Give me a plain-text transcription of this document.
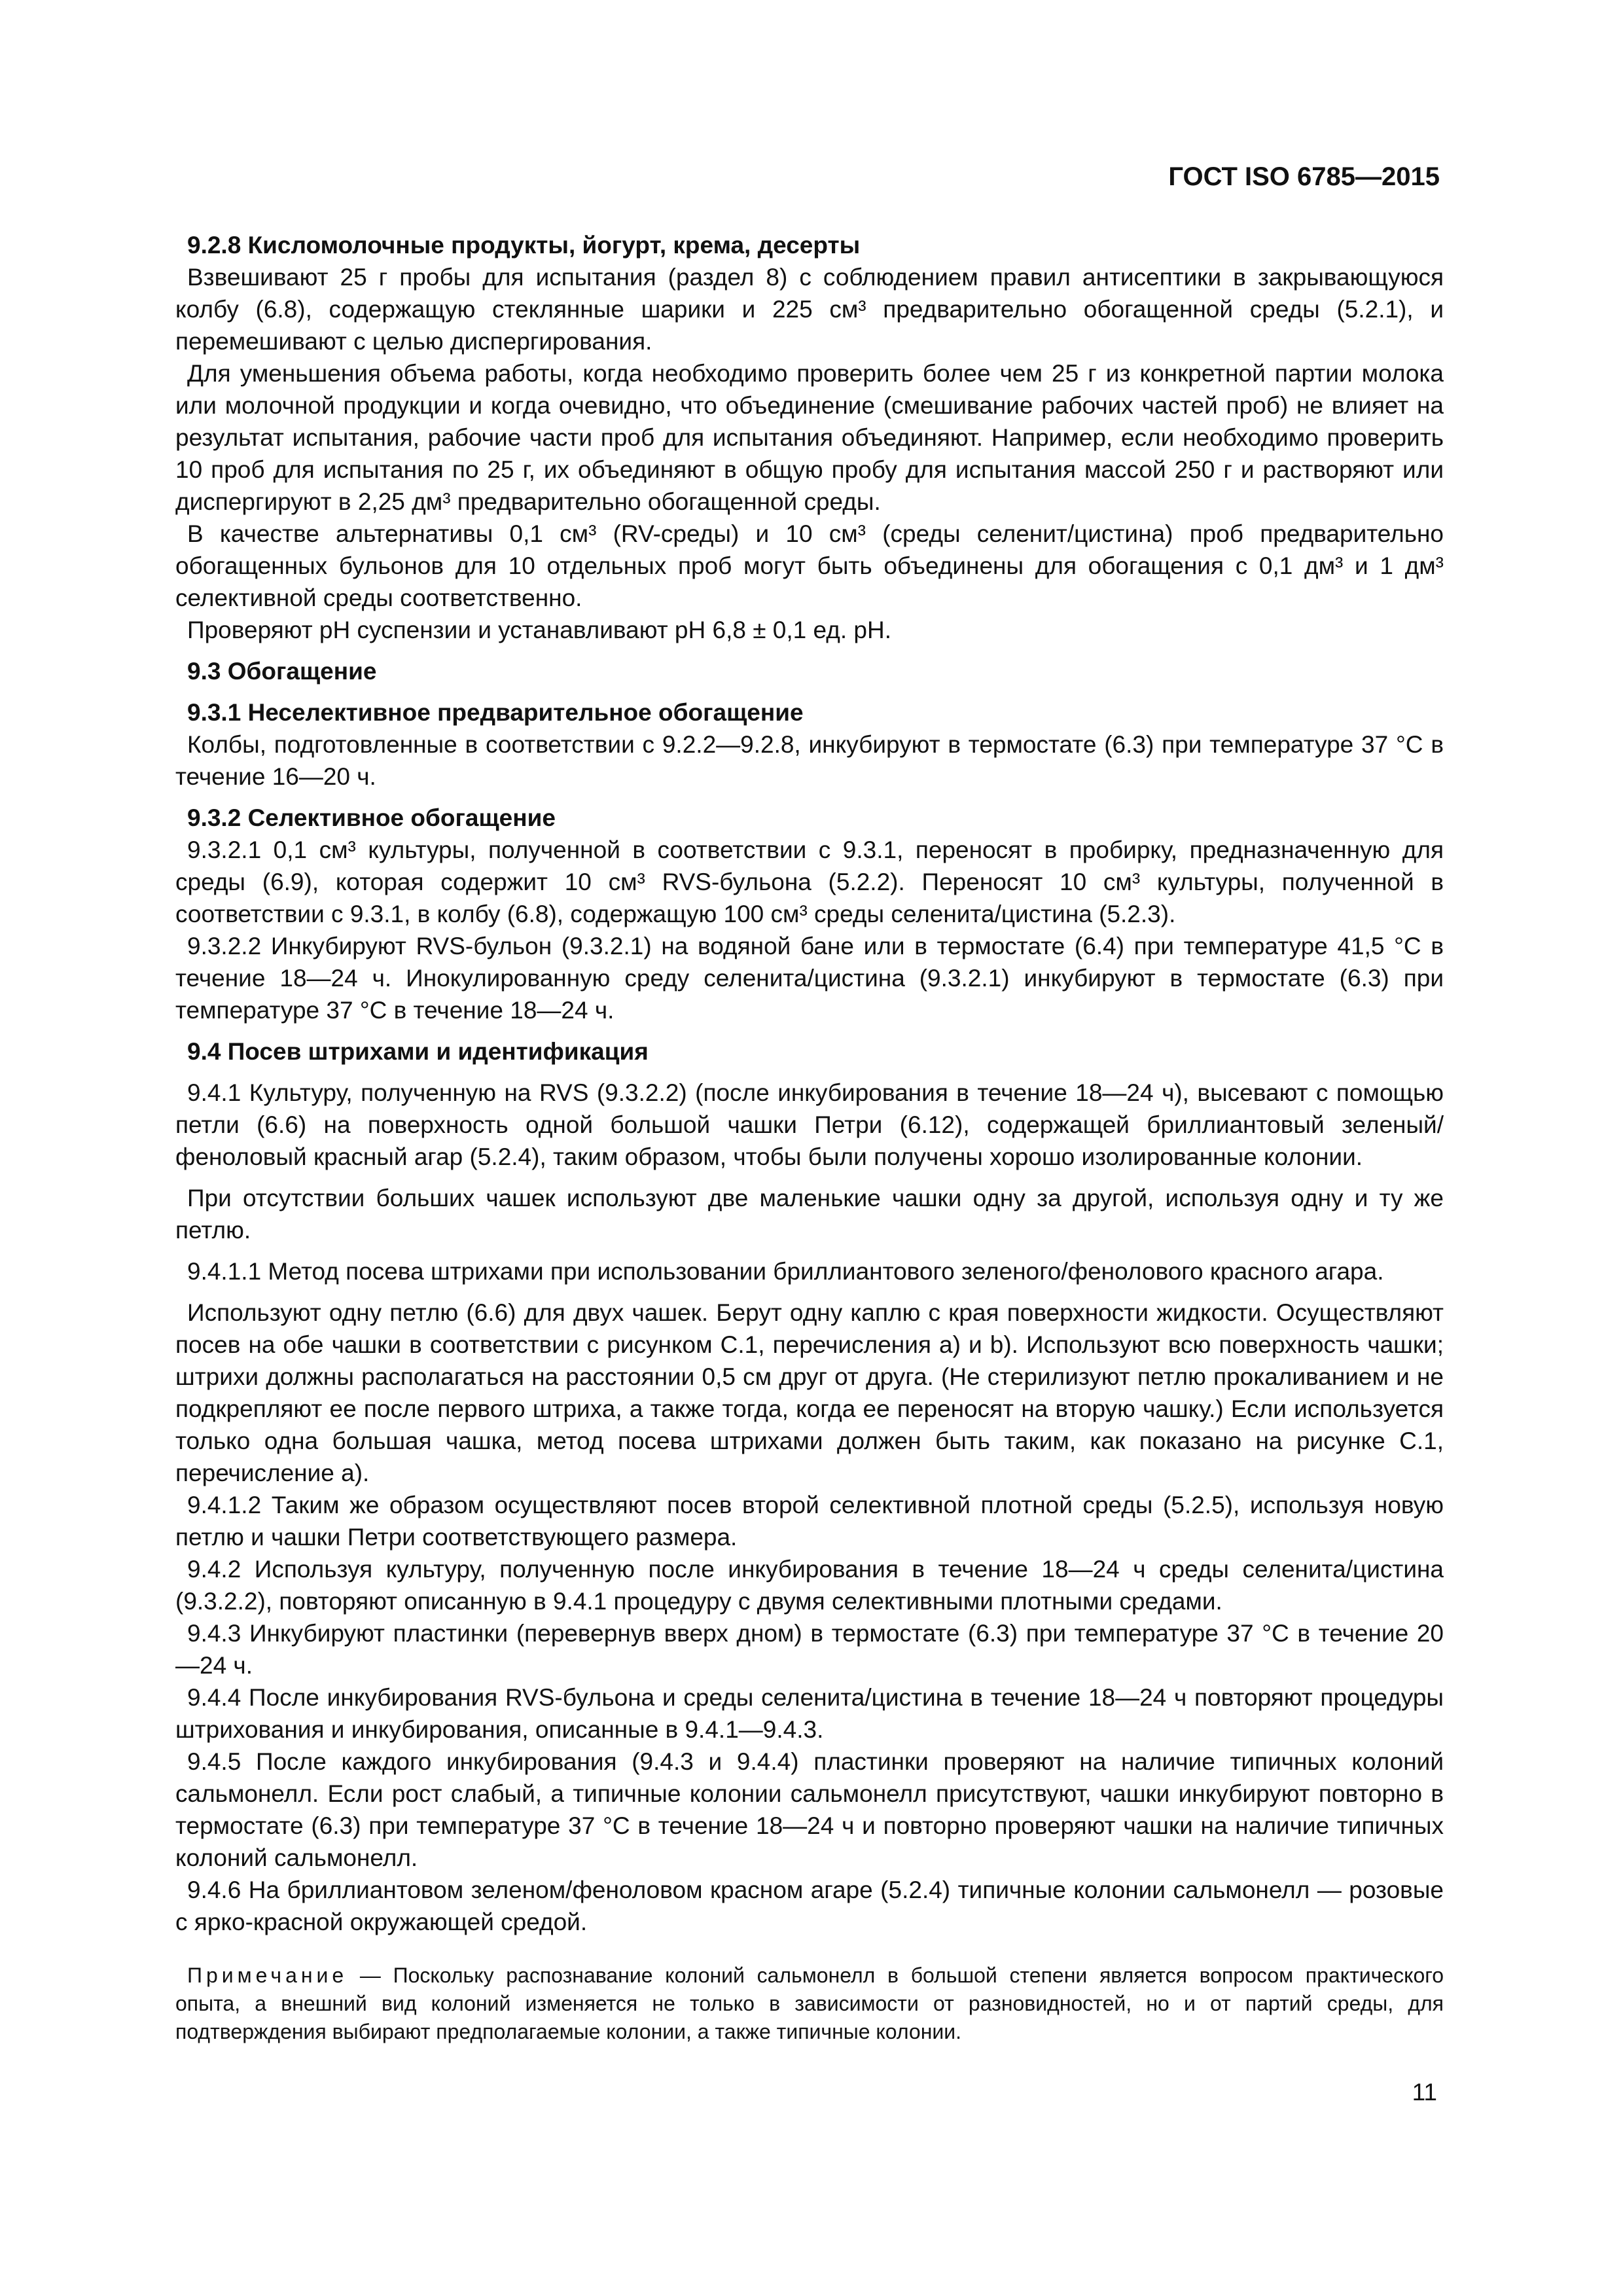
ГОСТ ISO 6785—2015

9.2.8 Кисломолочные продукты, йогурт, крема, десерты

Взвешивают 25 г пробы для испытания (раздел 8) с соблюдением правил антисептики в закрывающуюся колбу (6.8), содержащую стеклянные шарики и 225 см³ предварительно обогащенной среды (5.2.1), и перемешивают с целью диспергирования.

Для уменьшения объема работы, когда необходимо проверить более чем 25 г из конкретной партии молока или молочной продукции и когда очевидно, что объединение (смешивание рабочих частей проб) не влияет на результат испытания, рабочие части проб для испытания объединяют. Например, если необходимо проверить 10 проб для испытания по 25 г, их объединяют в общую пробу для испытания массой 250 г и растворяют или диспергируют в 2,25 дм³ предварительно обогащенной среды.

В качестве альтернативы 0,1 см³ (RV-среды) и 10 см³ (среды селенит/цистина) проб предварительно обогащенных бульонов для 10 отдельных проб могут быть объединены для обогащения с 0,1 дм³ и 1 дм³ селективной среды соответственно.

Проверяют pH суспензии и устанавливают pH 6,8 ± 0,1 ед. pH.

9.3 Обогащение

9.3.1 Неселективное предварительное обогащение

Колбы, подготовленные в соответствии с 9.2.2—9.2.8, инкубируют в термостате (6.3) при температуре 37 °С в течение 16—20 ч.

9.3.2 Селективное обогащение

9.3.2.1 0,1 см³ культуры, полученной в соответствии с 9.3.1, переносят в пробирку, предназначенную для среды (6.9), которая содержит 10 см³ RVS-бульона (5.2.2). Переносят 10 см³ культуры, полученной в соответствии с 9.3.1, в колбу (6.8), содержащую 100 см³ среды селенита/цистина (5.2.3).

9.3.2.2 Инкубируют RVS-бульон (9.3.2.1) на водяной бане или в термостате (6.4) при температуре 41,5 °С в течение 18—24 ч. Инокулированную среду селенита/цистина (9.3.2.1) инкубируют в термостате (6.3) при температуре 37 °С в течение 18—24 ч.

9.4 Посев штрихами и идентификация

9.4.1 Культуру, полученную на RVS (9.3.2.2) (после инкубирования в течение 18—24 ч), высевают с помощью петли (6.6) на поверхность одной большой чашки Петри (6.12), содержащей бриллиантовый зеленый/феноловый красный агар (5.2.4), таким образом, чтобы были получены хорошо изолированные колонии.

При отсутствии больших чашек используют две маленькие чашки одну за другой, используя одну и ту же петлю.

9.4.1.1 Метод посева штрихами при использовании бриллиантового зеленого/фенолового красного агара.

Используют одну петлю (6.6) для двух чашек. Берут одну каплю с края поверхности жидкости. Осуществляют посев на обе чашки в соответствии с рисунком С.1, перечисления a) и b). Используют всю поверхность чашки; штрихи должны располагаться на расстоянии 0,5 см друг от друга. (Не стерилизуют петлю прокаливанием и не подкрепляют ее после первого штриха, а также тогда, когда ее переносят на вторую чашку.) Если используется только одна большая чашка, метод посева штрихами должен быть таким, как показано на рисунке С.1, перечисление a).

9.4.1.2 Таким же образом осуществляют посев второй селективной плотной среды (5.2.5), используя новую петлю и чашки Петри соответствующего размера.

9.4.2 Используя культуру, полученную после инкубирования в течение 18—24 ч среды селенита/цистина (9.3.2.2), повторяют описанную в 9.4.1 процедуру с двумя селективными плотными средами.

9.4.3 Инкубируют пластинки (перевернув вверх дном) в термостате (6.3) при температуре 37 °С в течение 20—24 ч.

9.4.4 После инкубирования RVS-бульона и среды селенита/цистина в течение 18—24 ч повторяют процедуры штрихования и инкубирования, описанные в 9.4.1—9.4.3.

9.4.5 После каждого инкубирования (9.4.3 и 9.4.4) пластинки проверяют на наличие типичных колоний сальмонелл. Если рост слабый, а типичные колонии сальмонелл присутствуют, чашки инкубируют повторно в термостате (6.3) при температуре 37 °С в течение 18—24 ч и повторно проверяют чашки на наличие типичных колоний сальмонелл.

9.4.6 На бриллиантовом зеленом/феноловом красном агаре (5.2.4) типичные колонии сальмонелл — розовые с ярко-красной окружающей средой.

Примечание — Поскольку распознавание колоний сальмонелл в большой степени является вопросом практического опыта, а внешний вид колоний изменяется не только в зависимости от разновидностей, но и от партий среды, для подтверждения выбирают предполагаемые колонии, а также типичные колонии.

11
